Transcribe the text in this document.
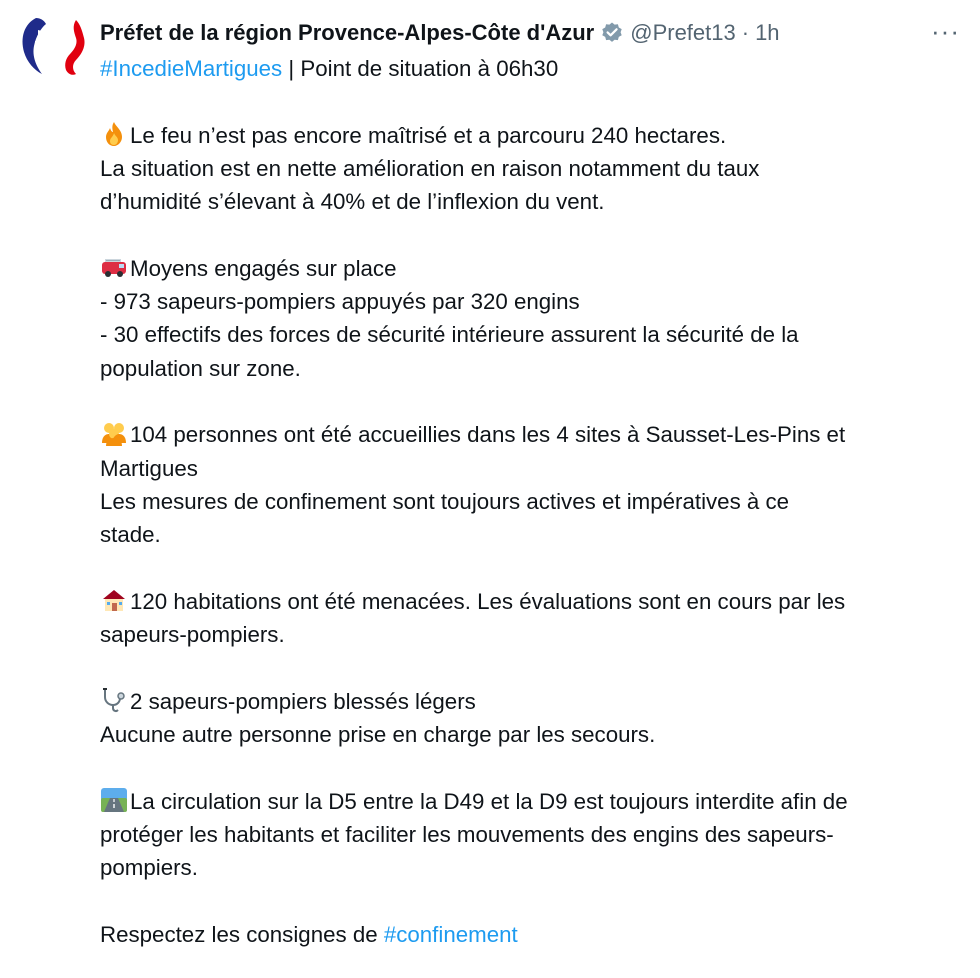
Préfet de la région Provence-Alpes-Côte d'Azur @Prefet13 · 1h	···

#IncedieMartigues | Point de situation à 06h30

Le feu n’est pas encore maîtrisé et a parcouru 240 hectares.
La situation est en nette amélioration en raison notamment du taux
d’humidité s’élevant à 40% et de l’inflexion du vent.

Moyens engagés sur place
- 973 sapeurs-pompiers appuyés par 320 engins
- 30 effectifs des forces de sécurité intérieure assurent la sécurité de la
population sur zone.

104 personnes ont été accueillies dans les 4 sites à Sausset-Les-Pins et
Martigues
Les mesures de confinement sont toujours actives et impératives à ce
stade.

120 habitations ont été menacées. Les évaluations sont en cours par les
sapeurs-pompiers.

2 sapeurs-pompiers blessés légers
Aucune autre personne prise en charge par les secours.

La circulation sur la D5 entre la D49 et la D9 est toujours interdite afin de
protéger les habitants et faciliter les mouvements des engins des sapeurs-
pompiers.

Respectez les consignes de #confinement
